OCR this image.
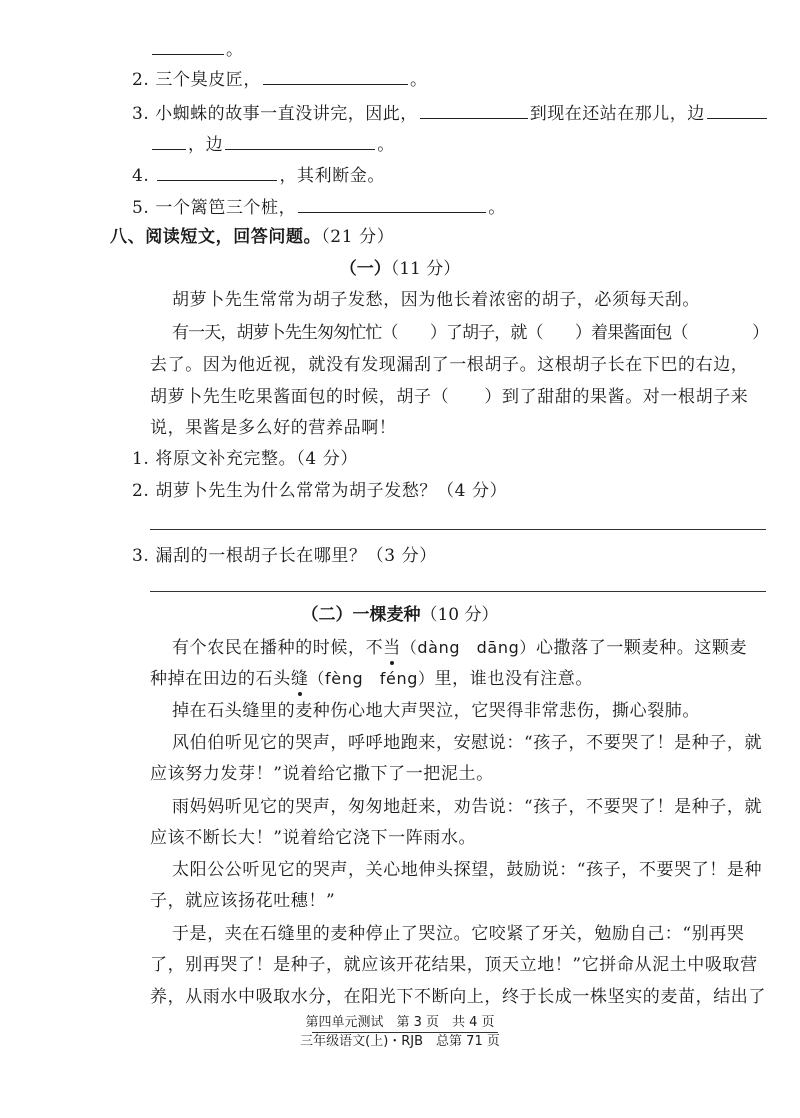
。
2. 三个臭皮匠，	。
3. 小蜘蛛的故事一直没讲完，因此，	到现在还站在那儿，边
，边	。
4.	，其利断金。
5. 一个篱笆三个桩，	。
八、阅读短文，回答问题。（21 分）
（一）（11 分）
胡萝卜先生常常为胡子发愁，因为他长着浓密的胡子，必须每天刮。
有一天，胡萝卜先生匆匆忙忙（　　）了胡子，就（　　）着果酱面包（　　　　）
去了。因为他近视，就没有发现漏刮了一根胡子。这根胡子长在下巴的右边，
胡萝卜先生吃果酱面包的时候，胡子（　　）到了甜甜的果酱。对一根胡子来
说，果酱是多么好的营养品啊！
1. 将原文补充完整。（4 分）
2. 胡萝卜先生为什么常常为胡子发愁？（4 分）
3. 漏刮的一根胡子长在哪里？（3 分）
（二）一棵麦种（10 分）
有个农民在播种的时候，不当（dàng　dāng）心撒落了一颗麦种。这颗麦
种掉在田边的石头缝（fèng　féng）里，谁也没有注意。
掉在石头缝里的麦种伤心地大声哭泣，它哭得非常悲伤，撕心裂肺。
风伯伯听见它的哭声，呼呼地跑来，安慰说：“孩子，不要哭了！是种子，就
应该努力发芽！”说着给它撒下了一把泥土。
雨妈妈听见它的哭声，匆匆地赶来，劝告说：“孩子，不要哭了！是种子，就
应该不断长大！”说着给它浇下一阵雨水。
太阳公公听见它的哭声，关心地伸头探望，鼓励说：“孩子，不要哭了！是种
子，就应该扬花吐穗！”
于是，夹在石缝里的麦种停止了哭泣。它咬紧了牙关，勉励自己：“别再哭
了，别再哭了！是种子，就应该开花结果，顶天立地！”它拼命从泥土中吸取营
养，从雨水中吸取水分，在阳光下不断向上，终于长成一株坚实的麦苗，结出了
第四单元测试　第 3 页　共 4 页
三年级语文(上)・RJB　总第 71 页
